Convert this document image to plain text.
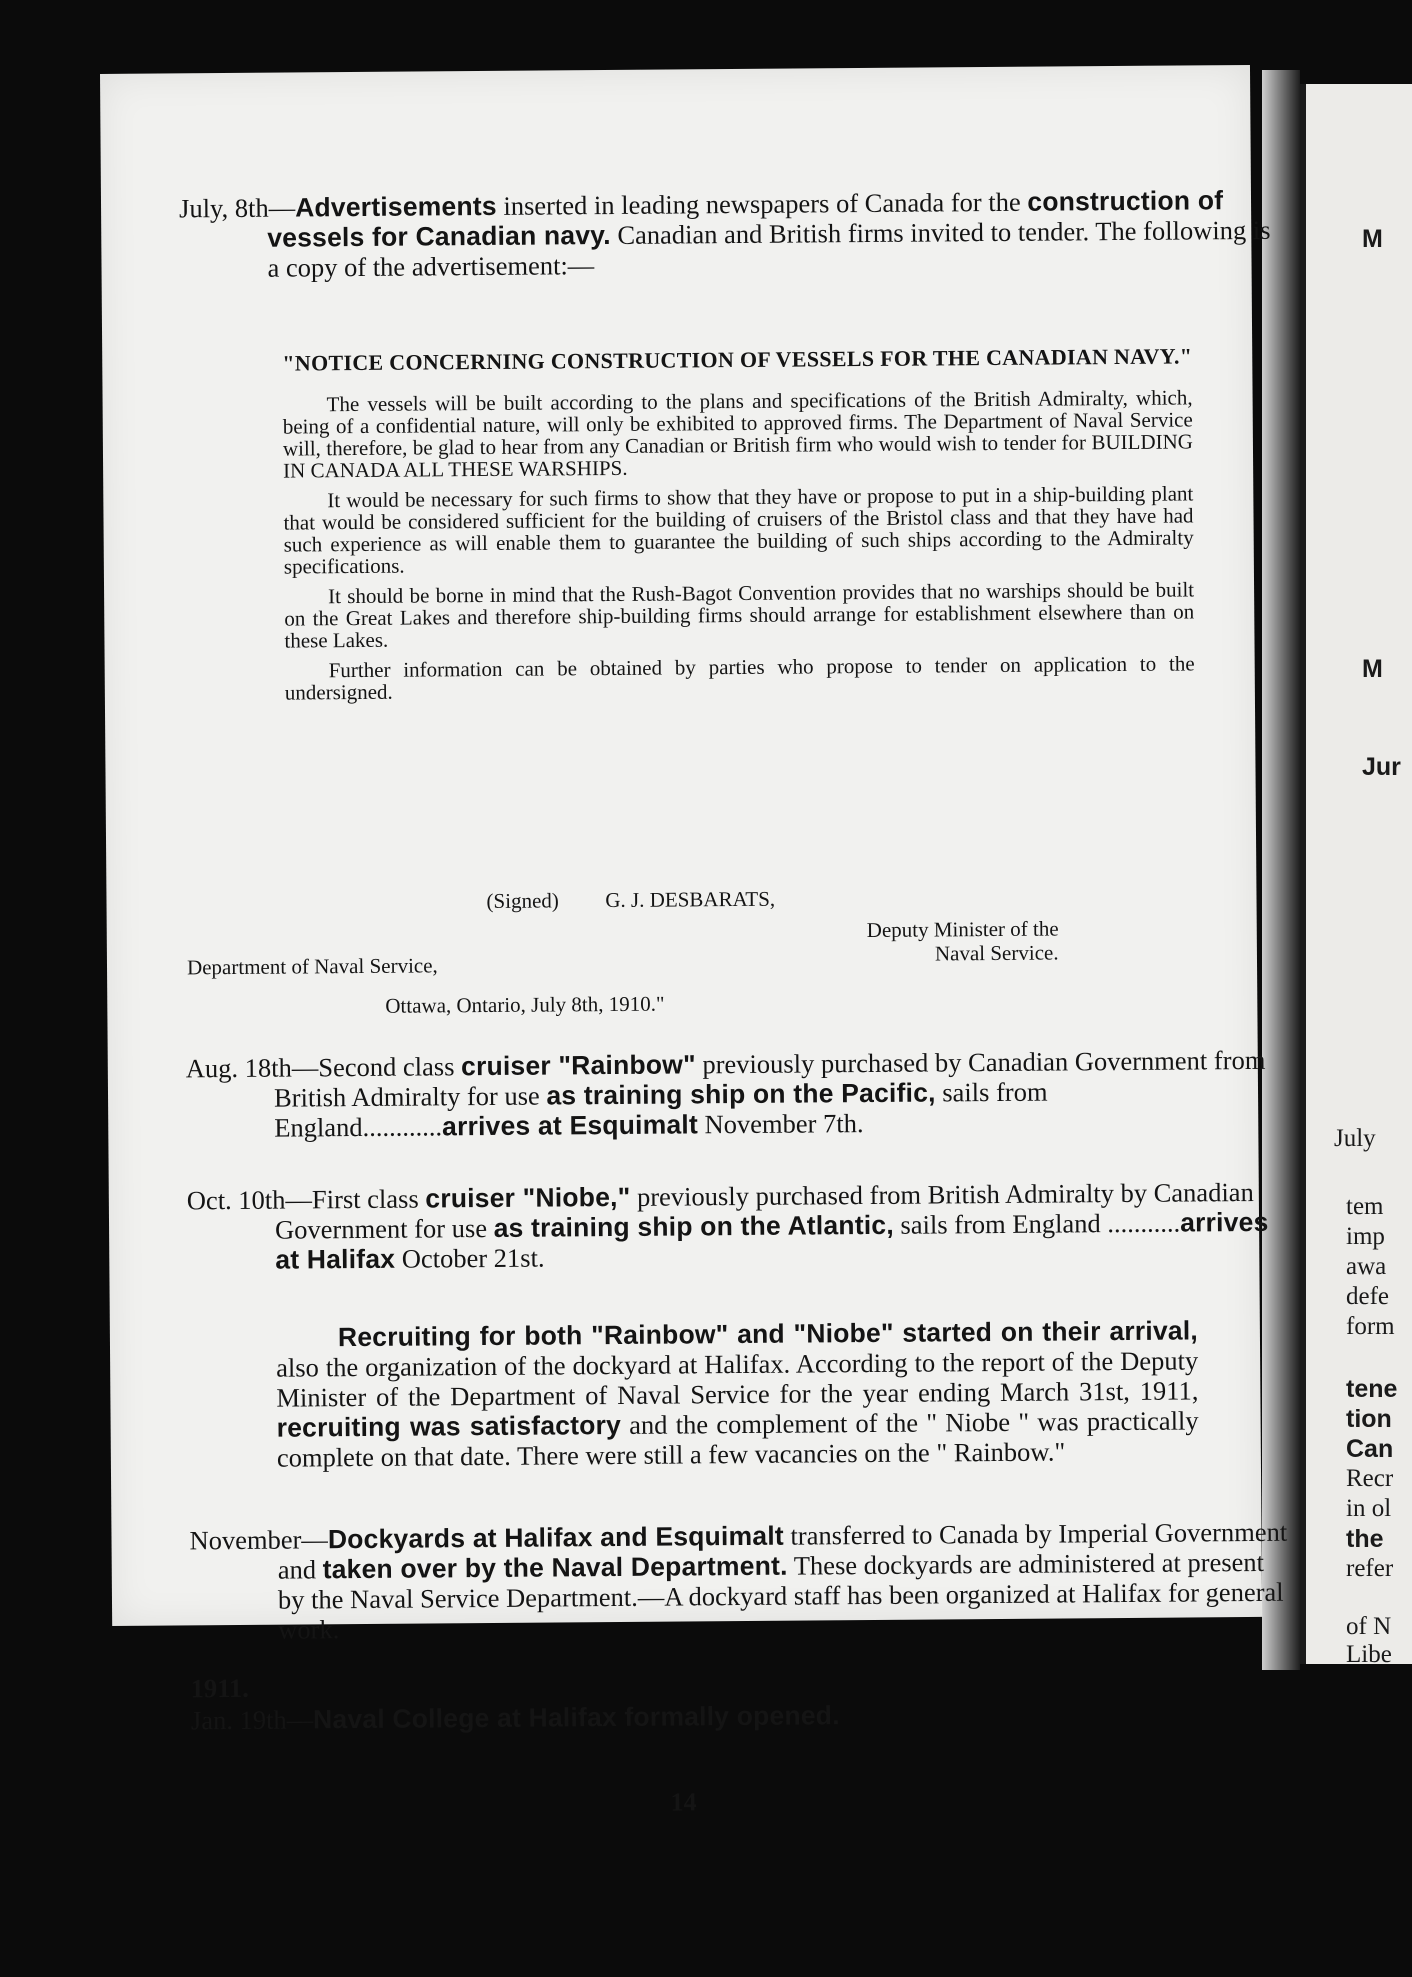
M
M
Jur
July
tem
imp
awa
defe
form
tene
tion
Can
Recr
in ol
the
refer
of N
Libe
July, 8th—Advertisements inserted in leading newspapers of Canada for the construction of vessels for Canadian navy. Canadian and British firms invited to tender. The following is a copy of the advertisement:—
"NOTICE CONCERNING CONSTRUCTION OF VESSELS FOR THE CANADIAN NAVY."

The vessels will be built according to the plans and specifications of the British Admiralty, which, being of a confidential nature, will only be exhibited to approved firms. The Department of Naval Service will, therefore, be glad to hear from any Canadian or British firm who would wish to tender for BUILDING IN CANADA ALL THESE WARSHIPS.

It would be necessary for such firms to show that they have or propose to put in a ship-building plant that would be considered sufficient for the building of cruisers of the Bristol class and that they have had such experience as will enable them to guarantee the building of such ships according to the Admiralty specifications.

It should be borne in mind that the Rush-Bagot Convention provides that no warships should be built on the Great Lakes and therefore ship-building firms should arrange for establishment elsewhere than on these Lakes.

Further information can be obtained by parties who propose to tender on application to the undersigned.

(Signed) G. J. DESBARATS,
Deputy Minister of the
Naval Service.
Department of Naval Service,
Ottawa, Ontario, July 8th, 1910."
Aug. 18th—Second class cruiser "Rainbow" previously purchased by Canadian Government from British Admiralty for use as training ship on the Pacific, sails from England............arrives at Esquimalt November 7th.
Oct. 10th—First class cruiser "Niobe," previously purchased from British Admiralty by Canadian Government for use as training ship on the Atlantic, sails from England ...........arrives at Halifax October 21st.
Recruiting for both "Rainbow" and "Niobe" started on their arrival, also the organization of the dockyard at Halifax. According to the report of the Deputy Minister of the Department of Naval Service for the year ending March 31st, 1911, recruiting was satisfactory and the complement of the " Niobe " was practically complete on that date. There were still a few vacancies on the " Rainbow."
November—Dockyards at Halifax and Esquimalt transferred to Canada by Imperial Government and taken over by the Naval Department. These dockyards are administered at present by the Naval Service Department.—A dockyard staff has been organized at Halifax for general work.
1911.
Jan. 19th—Naval College at Halifax formally opened.
14
